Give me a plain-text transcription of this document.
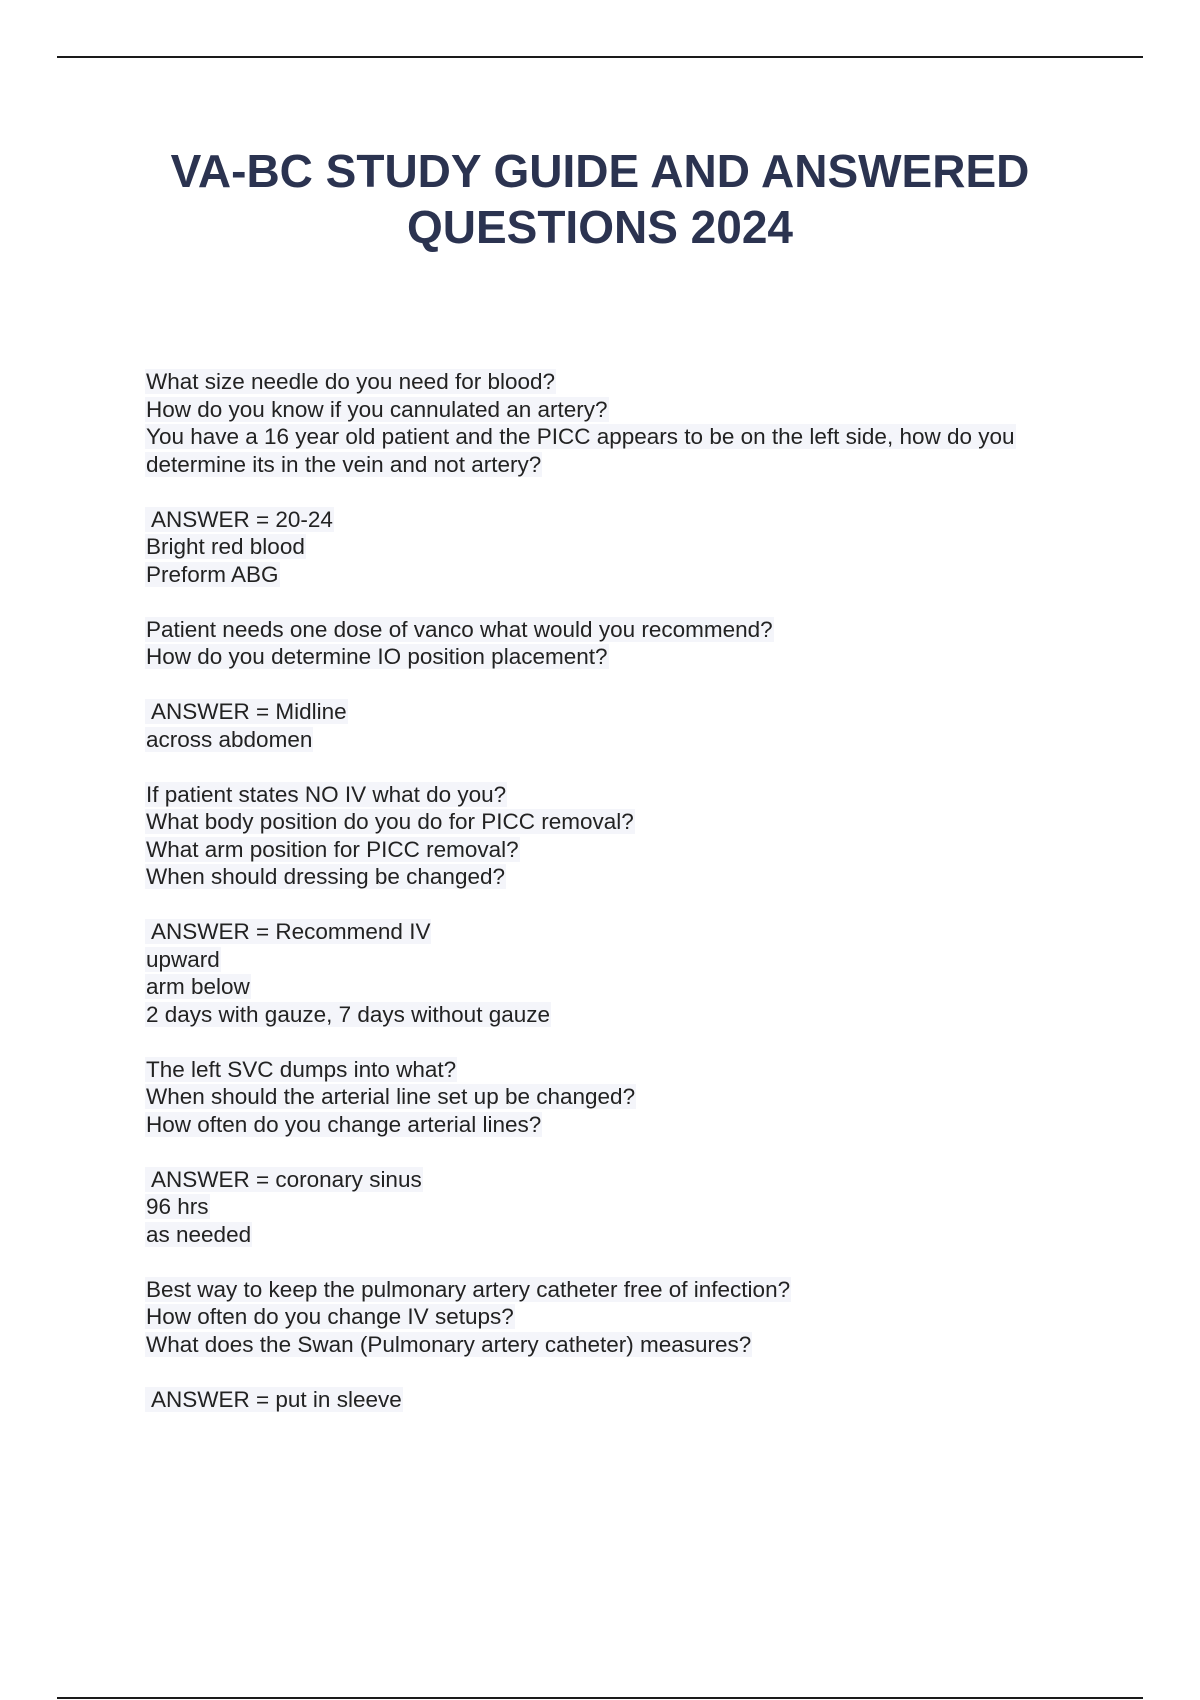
VA-BC STUDY GUIDE AND ANSWERED
QUESTIONS 2024
What size needle do you need for blood?
How do you know if you cannulated an artery?
You have a 16 year old patient and the PICC appears to be on the left side, how do you
determine its in the vein and not artery?
ANSWER = 20-24
Bright red blood
Preform ABG
Patient needs one dose of vanco what would you recommend?
How do you determine IO position placement?
ANSWER = Midline
across abdomen
If patient states NO IV what do you?
What body position do you do for PICC removal?
What arm position for PICC removal?
When should dressing be changed?
ANSWER = Recommend IV
upward
arm below
2 days with gauze, 7 days without gauze
The left SVC dumps into what?
When should the arterial line set up be changed?
How often do you change arterial lines?
ANSWER = coronary sinus
96 hrs
as needed
Best way to keep the pulmonary artery catheter free of infection?
How often do you change IV setups?
What does the Swan (Pulmonary artery catheter) measures?
ANSWER = put in sleeve
